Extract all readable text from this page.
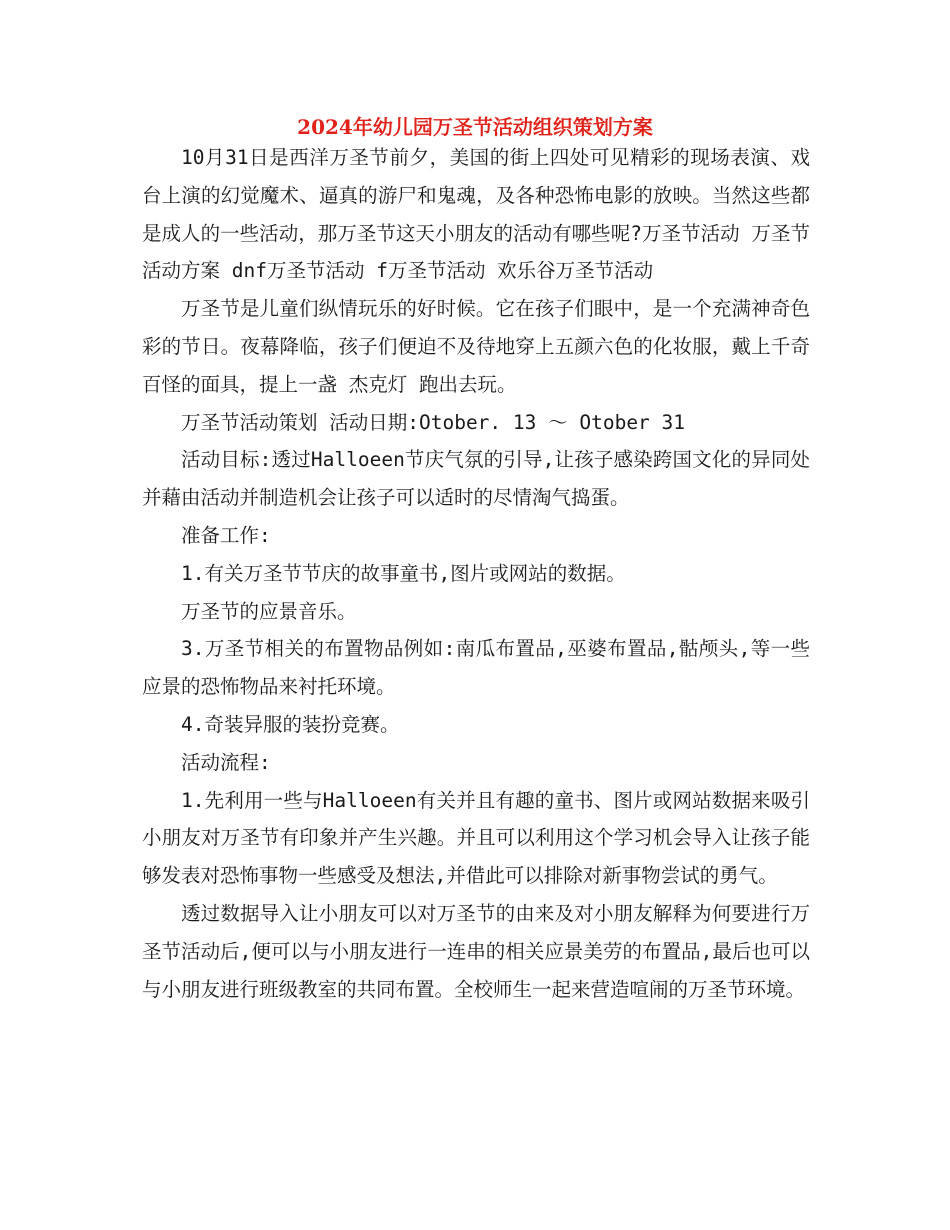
2024年幼儿园万圣节活动组织策划方案

10月31日是西洋万圣节前夕，美国的街上四处可见精彩的现场表演、戏台上演的幻觉魔术、逼真的游尸和鬼魂，及各种恐怖电影的放映。当然这些都是成人的一些活动，那万圣节这天小朋友的活动有哪些呢?万圣节活动 万圣节活动方案 dnf万圣节活动 f万圣节活动 欢乐谷万圣节活动

万圣节是儿童们纵情玩乐的好时候。它在孩子们眼中，是一个充满神奇色彩的节日。夜幕降临，孩子们便迫不及待地穿上五颜六色的化妆服，戴上千奇百怪的面具，提上一盏 杰克灯 跑出去玩。

万圣节活动策划 活动日期:Otober. 13 ～ Otober 31

活动目标:透过Halloeen节庆气氛的引导,让孩子感染跨国文化的异同处并藉由活动并制造机会让孩子可以适时的尽情淘气捣蛋。

准备工作:

1.有关万圣节节庆的故事童书,图片或网站的数据。

万圣节的应景音乐。

3.万圣节相关的布置物品例如:南瓜布置品,巫婆布置品,骷颅头,等一些应景的恐怖物品来衬托环境。

4.奇装异服的装扮竞赛。

活动流程:

1.先利用一些与Halloeen有关并且有趣的童书、图片或网站数据来吸引小朋友对万圣节有印象并产生兴趣。并且可以利用这个学习机会导入让孩子能够发表对恐怖事物一些感受及想法,并借此可以排除对新事物尝试的勇气。

透过数据导入让小朋友可以对万圣节的由来及对小朋友解释为何要进行万圣节活动后,便可以与小朋友进行一连串的相关应景美劳的布置品,最后也可以与小朋友进行班级教室的共同布置。全校师生一起来营造喧闹的万圣节环境。
